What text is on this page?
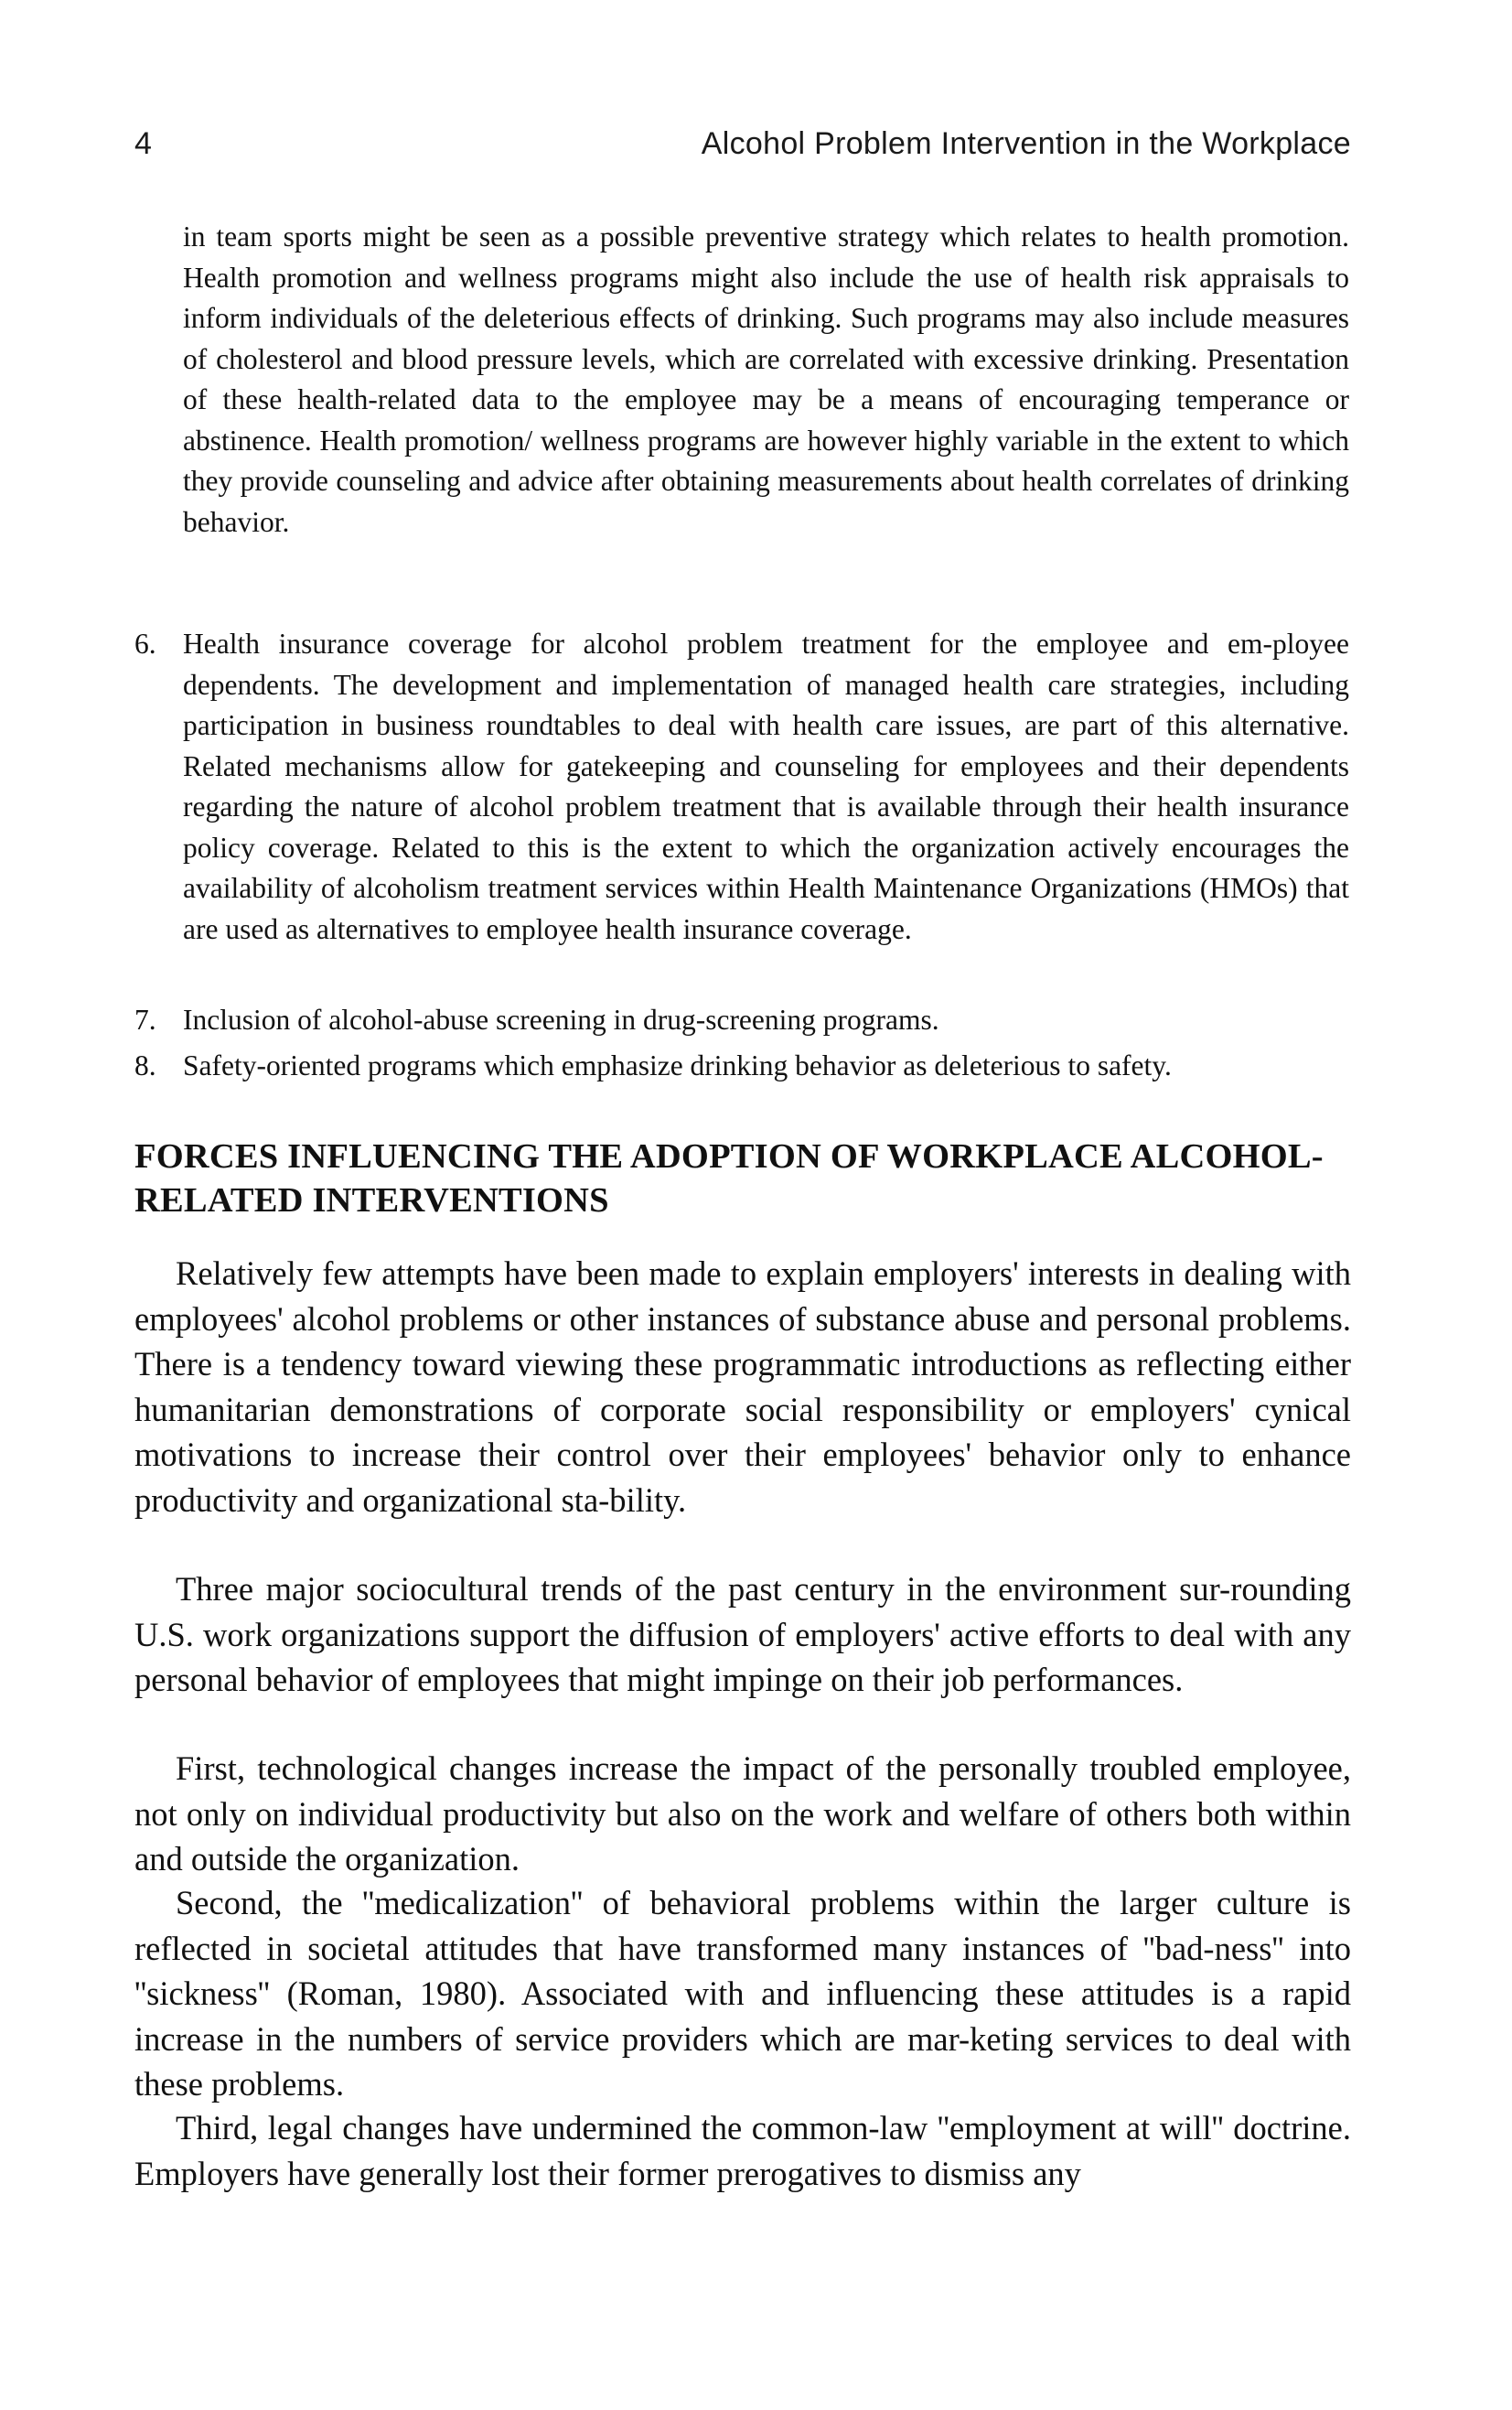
4	Alcohol Problem Intervention in the Workplace
in team sports might be seen as a possible preventive strategy which relates to health promotion. Health promotion and wellness programs might also include the use of health risk appraisals to inform individuals of the deleterious effects of drinking. Such programs may also include measures of cholesterol and blood pressure levels, which are correlated with excessive drinking. Presentation of these health-related data to the employee may be a means of encouraging temperance or abstinence. Health promotion/ wellness programs are however highly variable in the extent to which they provide counseling and advice after obtaining measurements about health correlates of drinking behavior.
6. Health insurance coverage for alcohol problem treatment for the employee and em-ployee dependents. The development and implementation of managed health care strategies, including participation in business roundtables to deal with health care issues, are part of this alternative. Related mechanisms allow for gatekeeping and counseling for employees and their dependents regarding the nature of alcohol problem treatment that is available through their health insurance policy coverage. Related to this is the extent to which the organization actively encourages the availability of alcoholism treatment services within Health Maintenance Organizations (HMOs) that are used as alternatives to employee health insurance coverage.
7. Inclusion of alcohol-abuse screening in drug-screening programs.
8. Safety-oriented programs which emphasize drinking behavior as deleterious to safety.
FORCES INFLUENCING THE ADOPTION OF WORKPLACE ALCOHOL-RELATED INTERVENTIONS

Relatively few attempts have been made to explain employers' interests in dealing with employees' alcohol problems or other instances of substance abuse and personal problems. There is a tendency toward viewing these programmatic introductions as reflecting either humanitarian demonstrations of corporate social responsibility or employers' cynical motivations to increase their control over their employees' behavior only to enhance productivity and organizational sta-bility.

Three major sociocultural trends of the past century in the environment sur-rounding U.S. work organizations support the diffusion of employers' active efforts to deal with any personal behavior of employees that might impinge on their job performances.

First, technological changes increase the impact of the personally troubled employee, not only on individual productivity but also on the work and welfare of others both within and outside the organization.

Second, the ''medicalization'' of behavioral problems within the larger culture is reflected in societal attitudes that have transformed many instances of ''bad-ness'' into ''sickness'' (Roman, 1980). Associated with and influencing these attitudes is a rapid increase in the numbers of service providers which are mar-keting services to deal with these problems.

Third, legal changes have undermined the common-law ''employment at will'' doctrine. Employers have generally lost their former prerogatives to dismiss any
